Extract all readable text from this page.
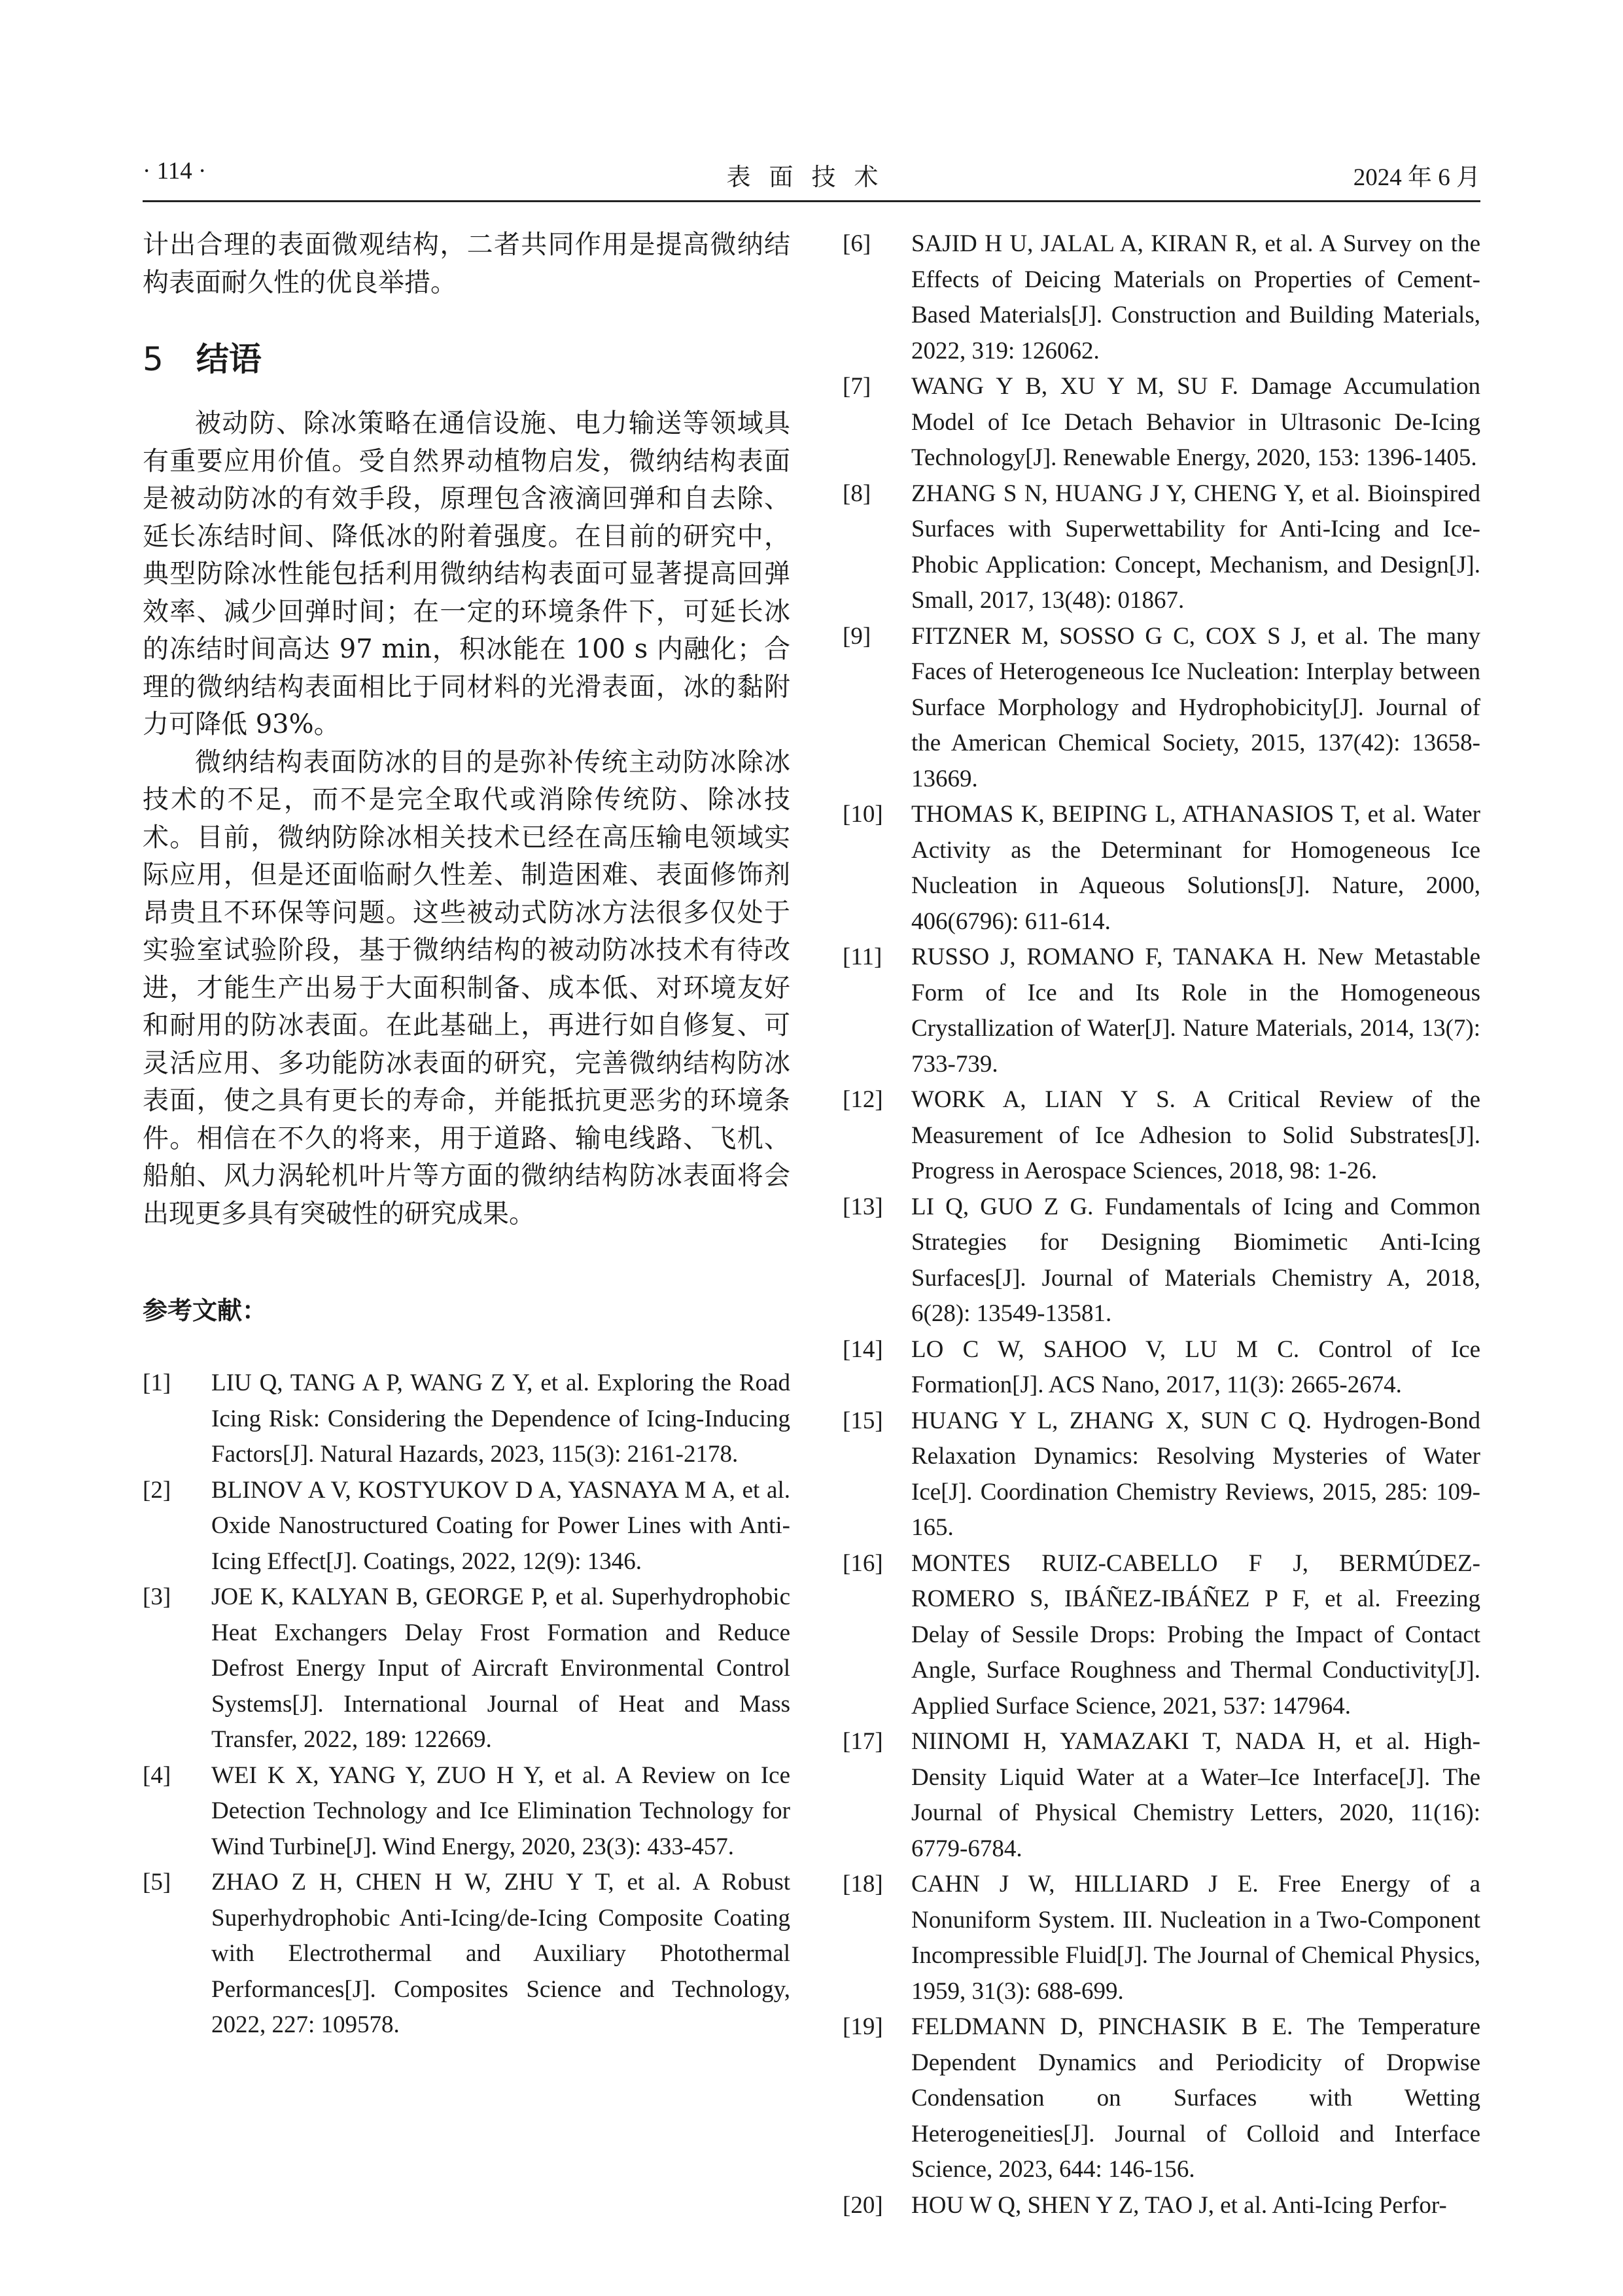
· 114 ·	表面技术	2024 年 6 月

计出合理的表面微观结构，二者共同作用是提高微纳结构表面耐久性的优良举措。

5 结语

被动防、除冰策略在通信设施、电力输送等领域具有重要应用价值。受自然界动植物启发，微纳结构表面是被动防冰的有效手段，原理包含液滴回弹和自去除、延长冻结时间、降低冰的附着强度。在目前的研究中，典型防除冰性能包括利用微纳结构表面可显著提高回弹效率、减少回弹时间；在一定的环境条件下，可延长冰的冻结时间高达 97 min，积冰能在 100 s 内融化；合理的微纳结构表面相比于同材料的光滑表面，冰的黏附力可降低 93%。

微纳结构表面防冰的目的是弥补传统主动防冰除冰技术的不足，而不是完全取代或消除传统防、除冰技术。目前，微纳防除冰相关技术已经在高压输电领域实际应用，但是还面临耐久性差、制造困难、表面修饰剂昂贵且不环保等问题。这些被动式防冰方法很多仅处于实验室试验阶段，基于微纳结构的被动防冰技术有待改进，才能生产出易于大面积制备、成本低、对环境友好和耐用的防冰表面。在此基础上，再进行如自修复、可灵活应用、多功能防冰表面的研究，完善微纳结构防冰表面，使之具有更长的寿命，并能抵抗更恶劣的环境条件。相信在不久的将来，用于道路、输电线路、飞机、船舶、风力涡轮机叶片等方面的微纳结构防冰表面将会出现更多具有突破性的研究成果。

参考文献：
[1]	LIU Q, TANG A P, WANG Z Y, et al. Exploring the Road Icing Risk: Considering the Dependence of Icing-Inducing Factors[J]. Natural Hazards, 2023, 115(3): 2161-2178.
[2]	BLINOV A V, KOSTYUKOV D A, YASNAYA M A, et al. Oxide Nanostructured Coating for Power Lines with Anti-Icing Effect[J]. Coatings, 2022, 12(9): 1346.
[3]	JOE K, KALYAN B, GEORGE P, et al. Superhydrophobic Heat Exchangers Delay Frost Formation and Reduce Defrost Energy Input of Aircraft Environmental Control Systems[J]. International Journal of Heat and Mass Transfer, 2022, 189: 122669.
[4]	WEI K X, YANG Y, ZUO H Y, et al. A Review on Ice Detection Technology and Ice Elimination Technology for Wind Turbine[J]. Wind Energy, 2020, 23(3): 433-457.
[5]	ZHAO Z H, CHEN H W, ZHU Y T, et al. A Robust Superhydrophobic Anti-Icing/de-Icing Composite Coating with Electrothermal and Auxiliary Photothermal Performances[J]. Composites Science and Technology, 2022, 227: 109578.
[6]	SAJID H U, JALAL A, KIRAN R, et al. A Survey on the Effects of Deicing Materials on Properties of Cement-Based Materials[J]. Construction and Building Materials, 2022, 319: 126062.
[7]	WANG Y B, XU Y M, SU F. Damage Accumulation Model of Ice Detach Behavior in Ultrasonic De-Icing Technology[J]. Renewable Energy, 2020, 153: 1396-1405.
[8]	ZHANG S N, HUANG J Y, CHENG Y, et al. Bioinspired Surfaces with Superwettability for Anti-Icing and Ice-Phobic Application: Concept, Mechanism, and Design[J]. Small, 2017, 13(48): 01867.
[9]	FITZNER M, SOSSO G C, COX S J, et al. The many Faces of Heterogeneous Ice Nucleation: Interplay between Surface Morphology and Hydrophobicity[J]. Journal of the American Chemical Society, 2015, 137(42): 13658-13669.
[10]	THOMAS K, BEIPING L, ATHANASIOS T, et al. Water Activity as the Determinant for Homogeneous Ice Nucleation in Aqueous Solutions[J]. Nature, 2000, 406(6796): 611-614.
[11]	RUSSO J, ROMANO F, TANAKA H. New Metastable Form of Ice and Its Role in the Homogeneous Crystallization of Water[J]. Nature Materials, 2014, 13(7): 733-739.
[12]	WORK A, LIAN Y S. A Critical Review of the Measurement of Ice Adhesion to Solid Substrates[J]. Progress in Aerospace Sciences, 2018, 98: 1-26.
[13]	LI Q, GUO Z G. Fundamentals of Icing and Common Strategies for Designing Biomimetic Anti-Icing Surfaces[J]. Journal of Materials Chemistry A, 2018, 6(28): 13549-13581.
[14]	LO C W, SAHOO V, LU M C. Control of Ice Formation[J]. ACS Nano, 2017, 11(3): 2665-2674.
[15]	HUANG Y L, ZHANG X, SUN C Q. Hydrogen-Bond Relaxation Dynamics: Resolving Mysteries of Water Ice[J]. Coordination Chemistry Reviews, 2015, 285: 109-165.
[16]	MONTES RUIZ-CABELLO F J, BERMÚDEZ-ROMERO S, IBÁÑEZ-IBÁÑEZ P F, et al. Freezing Delay of Sessile Drops: Probing the Impact of Contact Angle, Surface Roughness and Thermal Conductivity[J]. Applied Surface Science, 2021, 537: 147964.
[17]	NIINOMI H, YAMAZAKI T, NADA H, et al. High-Density Liquid Water at a Water–Ice Interface[J]. The Journal of Physical Chemistry Letters, 2020, 11(16): 6779-6784.
[18]	CAHN J W, HILLIARD J E. Free Energy of a Nonuniform System. III. Nucleation in a Two-Component Incompressible Fluid[J]. The Journal of Chemical Physics, 1959, 31(3): 688-699.
[19]	FELDMANN D, PINCHASIK B E. The Temperature Dependent Dynamics and Periodicity of Dropwise Condensation on Surfaces with Wetting Heterogeneities[J]. Journal of Colloid and Interface Science, 2023, 644: 146-156.
[20]	HOU W Q, SHEN Y Z, TAO J, et al. Anti-Icing Perfor-
